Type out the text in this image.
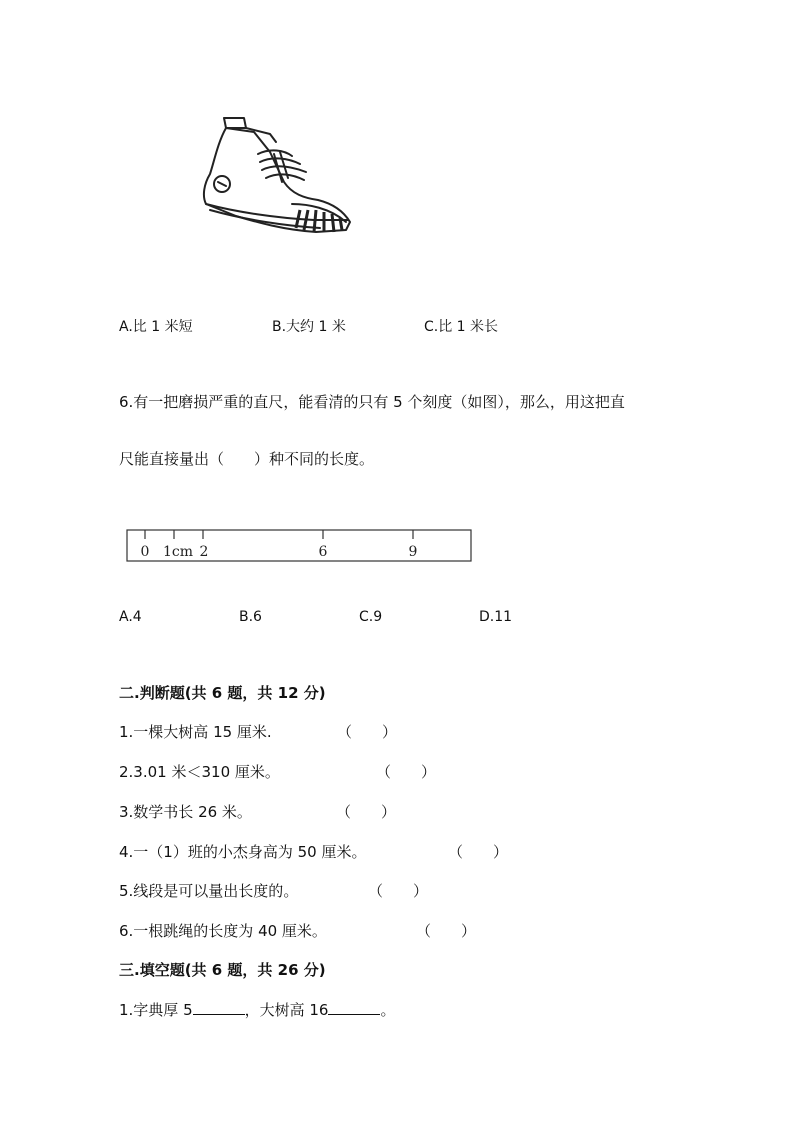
A.比 1 米短	B.大约 1 米	C.比 1 米长
6.有一把磨损严重的直尺，能看清的只有 5 个刻度（如图），那么，用这把直
尺能直接量出（　　）种不同的长度。
0 1cm 2	6	9
A.4	B.6	C.9	D.11
二.判断题(共 6 题，共 12 分)
1.一棵大树高 15 厘米.	（　　）
2.3.01 米＜310 厘米。	（　　）
3.数学书长 26 米。	（　　）
4.一（1）班的小杰身高为 50 厘米。	（　　）
5.线段是可以量出长度的。	（　　）
6.一根跳绳的长度为 40 厘米。	（　　）
三.填空题(共 6 题，共 26 分)
1.字典厚 5	，大树高 16	。
